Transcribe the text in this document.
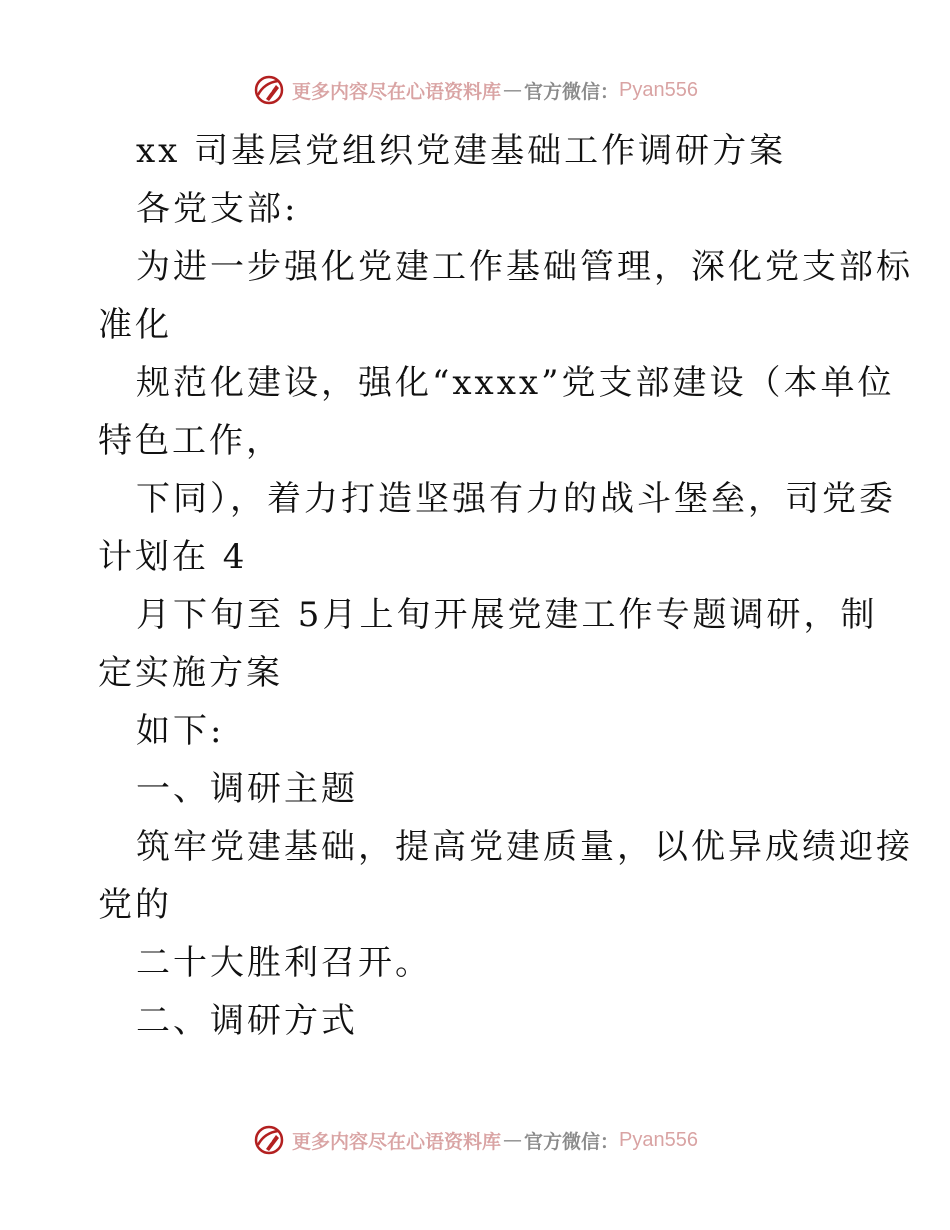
更多内容尽在心语资料库 — 官方微信： Pyan556
xx 司基层党组织党建基础工作调研方案
各党支部:
为进一步强化党建工作基础管理，深化党支部标
准化
规范化建设，强化“xxxx”党支部建设（本单位
特色工作，
下同），着力打造坚强有力的战斗堡垒，司党委
计划在 4
月下旬至 5月上旬开展党建工作专题调研，制
定实施方案
如下:
一、调研主题
筑牢党建基础，提高党建质量，以优异成绩迎接
党的
二十大胜利召开。
二、调研方式
更多内容尽在心语资料库 — 官方微信： Pyan556
